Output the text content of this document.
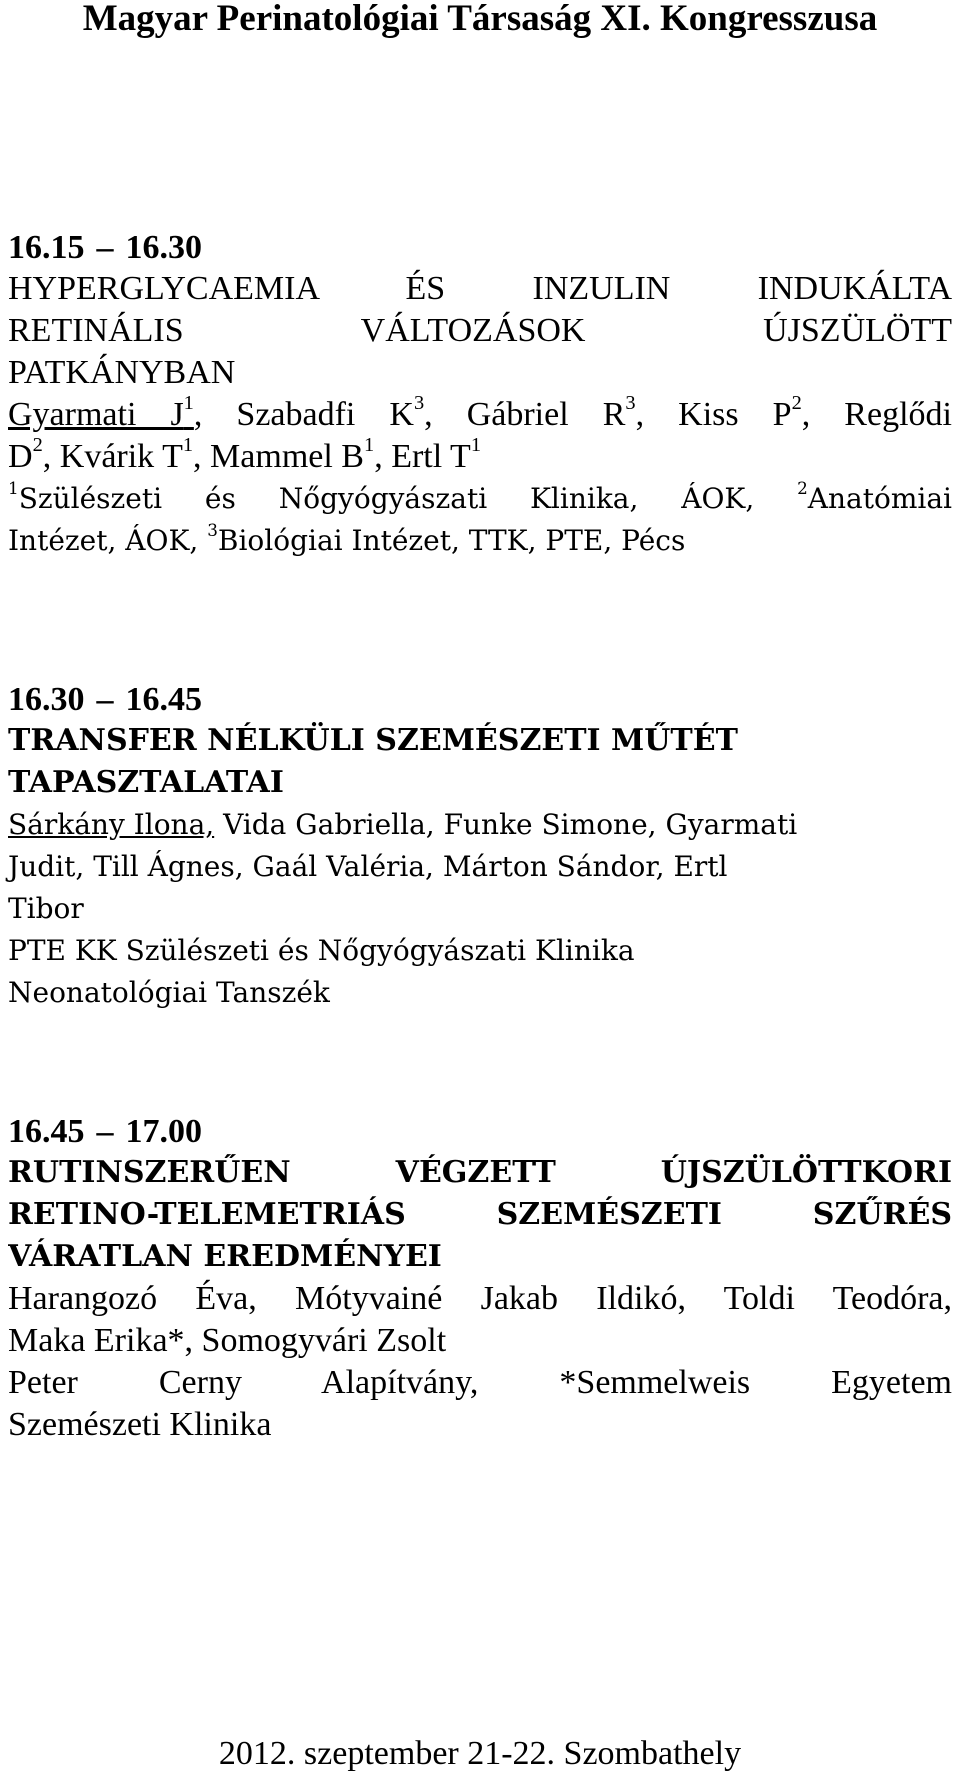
Magyar Perinatológiai Társaság XI. Kongresszusa

16.15 – 16.30

HYPERGLYCAEMIA ÉS INZULIN INDUKÁLTA
RETINÁLIS VÁLTOZÁSOK ÚJSZÜLÖTT
PATKÁNYBAN
Gyarmati $J^1$, Szabadfi $K^3$, Gábriel $R^3$, Kiss $P^2$, Reglődi
$D^2$, Kvárik $T^1$, Mammel $B^1$, Ertl $T^1$
$^1$Szülészeti és Nőgyógyászati Klinika, ÁOK, $^2$Anatómiai
Intézet, ÁOK, $^3$Biológiai Intézet, TTK, PTE, Pécs

16.30 – 16.45

TRANSFER NÉLKÜLI SZEMÉSZETI MŰTÉT
TAPASZTALATAI
Sárkány Ilona, Vida Gabriella, Funke Simone, Gyarmati
Judit, Till Ágnes, Gaál Valéria, Márton Sándor, Ertl
Tibor
PTE KK Szülészeti és Nőgyógyászati Klinika
Neonatológiai Tanszék

16.45 – 17.00

RUTINSZERŰEN VÉGZETT ÚJSZÜLÖTTKORI
RETINO-TELEMETRIÁS SZEMÉSZETI SZŰRÉS
VÁRATLAN EREDMÉNYEI
Harangozó Éva, Mótyvainé Jakab Ildikó, Toldi Teodóra,
Maka Erika*, Somogyvári Zsolt
Peter Cerny Alapítvány, *Semmelweis Egyetem
Szemészeti Klinika
2012. szeptember 21-22. Szombathely
